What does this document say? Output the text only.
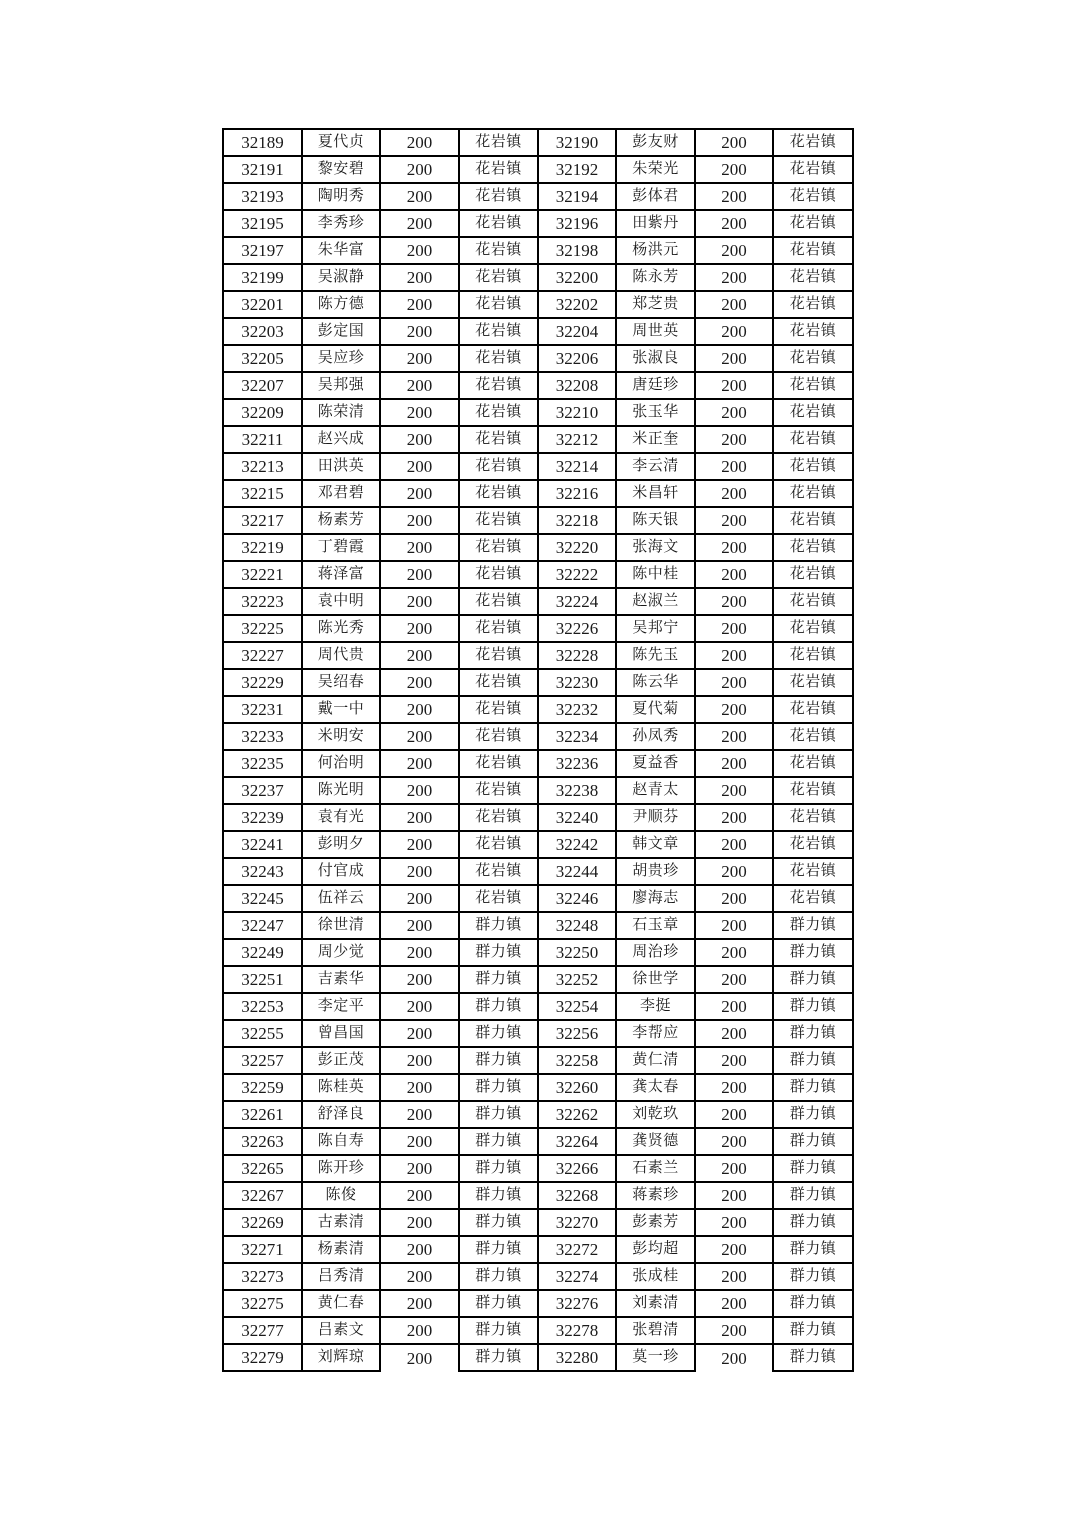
32189	夏代贞	200	花岩镇	32190	彭友财	200	花岩镇
32191	黎安碧	200	花岩镇	32192	朱荣光	200	花岩镇
32193	陶明秀	200	花岩镇	32194	彭体君	200	花岩镇
32195	李秀珍	200	花岩镇	32196	田紫丹	200	花岩镇
32197	朱华富	200	花岩镇	32198	杨洪元	200	花岩镇
32199	吴淑静	200	花岩镇	32200	陈永芳	200	花岩镇
32201	陈方德	200	花岩镇	32202	郑芝贵	200	花岩镇
32203	彭定国	200	花岩镇	32204	周世英	200	花岩镇
32205	吴应珍	200	花岩镇	32206	张淑良	200	花岩镇
32207	吴邦强	200	花岩镇	32208	唐廷珍	200	花岩镇
32209	陈荣清	200	花岩镇	32210	张玉华	200	花岩镇
32211	赵兴成	200	花岩镇	32212	米正奎	200	花岩镇
32213	田洪英	200	花岩镇	32214	李云清	200	花岩镇
32215	邓君碧	200	花岩镇	32216	米昌轩	200	花岩镇
32217	杨素芳	200	花岩镇	32218	陈天银	200	花岩镇
32219	丁碧霞	200	花岩镇	32220	张海文	200	花岩镇
32221	蒋泽富	200	花岩镇	32222	陈中桂	200	花岩镇
32223	袁中明	200	花岩镇	32224	赵淑兰	200	花岩镇
32225	陈光秀	200	花岩镇	32226	吴邦宁	200	花岩镇
32227	周代贵	200	花岩镇	32228	陈先玉	200	花岩镇
32229	吴绍春	200	花岩镇	32230	陈云华	200	花岩镇
32231	戴一中	200	花岩镇	32232	夏代菊	200	花岩镇
32233	米明安	200	花岩镇	32234	孙凤秀	200	花岩镇
32235	何治明	200	花岩镇	32236	夏益香	200	花岩镇
32237	陈光明	200	花岩镇	32238	赵青太	200	花岩镇
32239	袁有光	200	花岩镇	32240	尹顺芬	200	花岩镇
32241	彭明夕	200	花岩镇	32242	韩文章	200	花岩镇
32243	付官成	200	花岩镇	32244	胡贵珍	200	花岩镇
32245	伍祥云	200	花岩镇	32246	廖海志	200	花岩镇
32247	徐世清	200	群力镇	32248	石玉章	200	群力镇
32249	周少觉	200	群力镇	32250	周治珍	200	群力镇
32251	吉素华	200	群力镇	32252	徐世学	200	群力镇
32253	李定平	200	群力镇	32254	李挺	200	群力镇
32255	曾昌国	200	群力镇	32256	李帮应	200	群力镇
32257	彭正茂	200	群力镇	32258	黄仁清	200	群力镇
32259	陈桂英	200	群力镇	32260	龚太春	200	群力镇
32261	舒泽良	200	群力镇	32262	刘乾玖	200	群力镇
32263	陈自寿	200	群力镇	32264	龚贤德	200	群力镇
32265	陈开珍	200	群力镇	32266	石素兰	200	群力镇
32267	陈俊	200	群力镇	32268	蒋素珍	200	群力镇
32269	古素清	200	群力镇	32270	彭素芳	200	群力镇
32271	杨素清	200	群力镇	32272	彭均超	200	群力镇
32273	吕秀清	200	群力镇	32274	张成桂	200	群力镇
32275	黄仁春	200	群力镇	32276	刘素清	200	群力镇
32277	吕素文	200	群力镇	32278	张碧清	200	群力镇
32279	刘辉琼	200	群力镇	32280	莫一珍	200	群力镇
